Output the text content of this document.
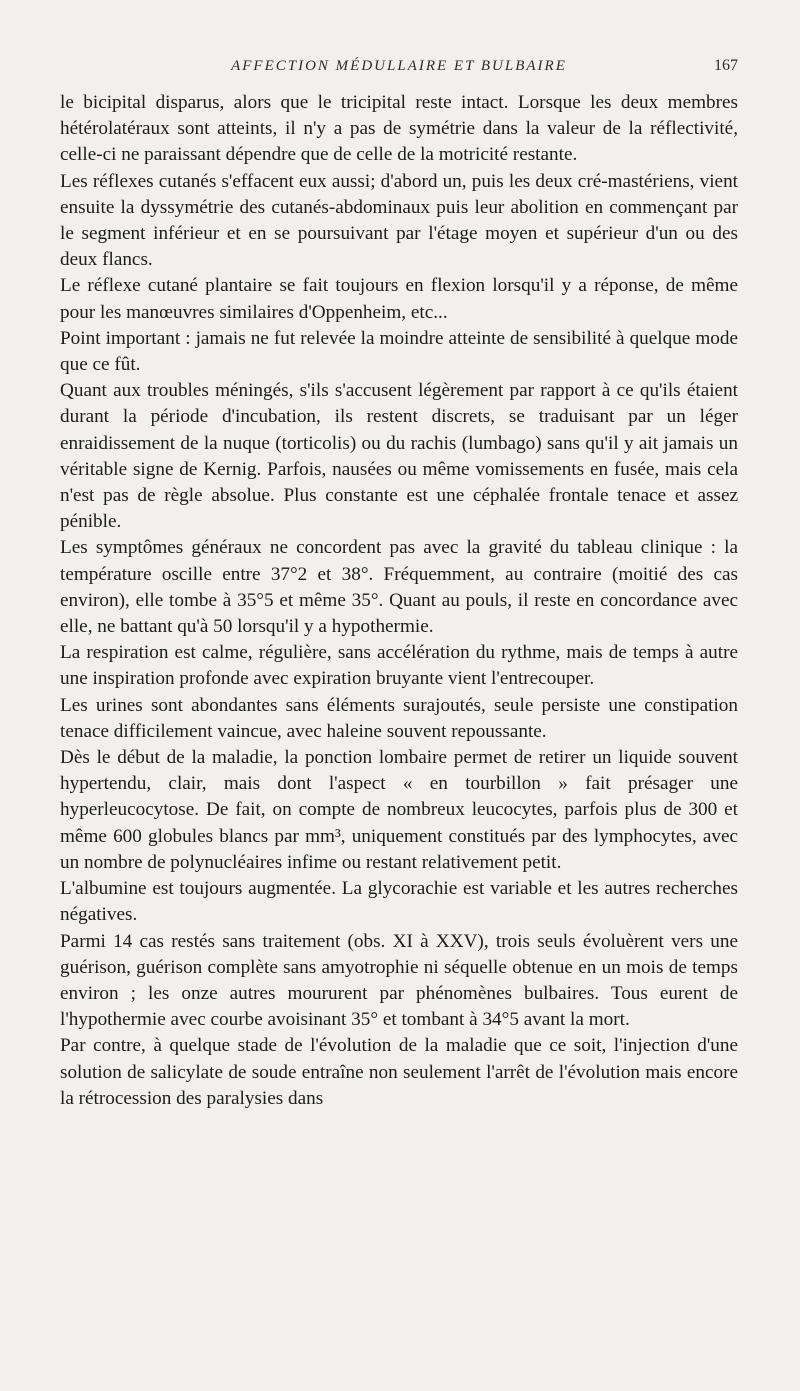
AFFECTION MÉDULLAIRE ET BULBAIRE	167

le bicipital disparus, alors que le tricipital reste intact. Lorsque les deux membres hétérolatéraux sont atteints, il n'y a pas de symétrie dans la valeur de la réflectivité, celle-ci ne paraissant dépendre que de celle de la motricité restante.

Les réflexes cutanés s'effacent eux aussi; d'abord un, puis les deux cré-mastériens, vient ensuite la dyssymétrie des cutanés-abdominaux puis leur abolition en commençant par le segment inférieur et en se poursuivant par l'étage moyen et supérieur d'un ou des deux flancs.

Le réflexe cutané plantaire se fait toujours en flexion lorsqu'il y a réponse, de même pour les manœuvres similaires d'Oppenheim, etc...

Point important : jamais ne fut relevée la moindre atteinte de sensibilité à quelque mode que ce fût.

Quant aux troubles méningés, s'ils s'accusent légèrement par rapport à ce qu'ils étaient durant la période d'incubation, ils restent discrets, se traduisant par un léger enraidissement de la nuque (torticolis) ou du rachis (lumbago) sans qu'il y ait jamais un véritable signe de Kernig. Parfois, nausées ou même vomissements en fusée, mais cela n'est pas de règle absolue. Plus constante est une céphalée frontale tenace et assez pénible.

Les symptômes généraux ne concordent pas avec la gravité du tableau clinique : la température oscille entre 37°2 et 38°. Fréquemment, au contraire (moitié des cas environ), elle tombe à 35°5 et même 35°. Quant au pouls, il reste en concordance avec elle, ne battant qu'à 50 lorsqu'il y a hypothermie.

La respiration est calme, régulière, sans accélération du rythme, mais de temps à autre une inspiration profonde avec expiration bruyante vient l'entrecouper.

Les urines sont abondantes sans éléments surajoutés, seule persiste une constipation tenace difficilement vaincue, avec haleine souvent repoussante.

Dès le début de la maladie, la ponction lombaire permet de retirer un liquide souvent hypertendu, clair, mais dont l'aspect « en tourbillon » fait présager une hyperleucocytose. De fait, on compte de nombreux leucocytes, parfois plus de 300 et même 600 globules blancs par mm³, uniquement constitués par des lymphocytes, avec un nombre de polynucléaires infime ou restant relativement petit.

L'albumine est toujours augmentée. La glycorachie est variable et les autres recherches négatives.

Parmi 14 cas restés sans traitement (obs. XI à XXV), trois seuls évoluèrent vers une guérison, guérison complète sans amyotrophie ni séquelle obtenue en un mois de temps environ ; les onze autres moururent par phénomènes bulbaires. Tous eurent de l'hypothermie avec courbe avoisinant 35° et tombant à 34°5 avant la mort.

Par contre, à quelque stade de l'évolution de la maladie que ce soit, l'injection d'une solution de salicylate de soude entraîne non seulement l'arrêt de l'évolution mais encore la rétrocession des paralysies dans
